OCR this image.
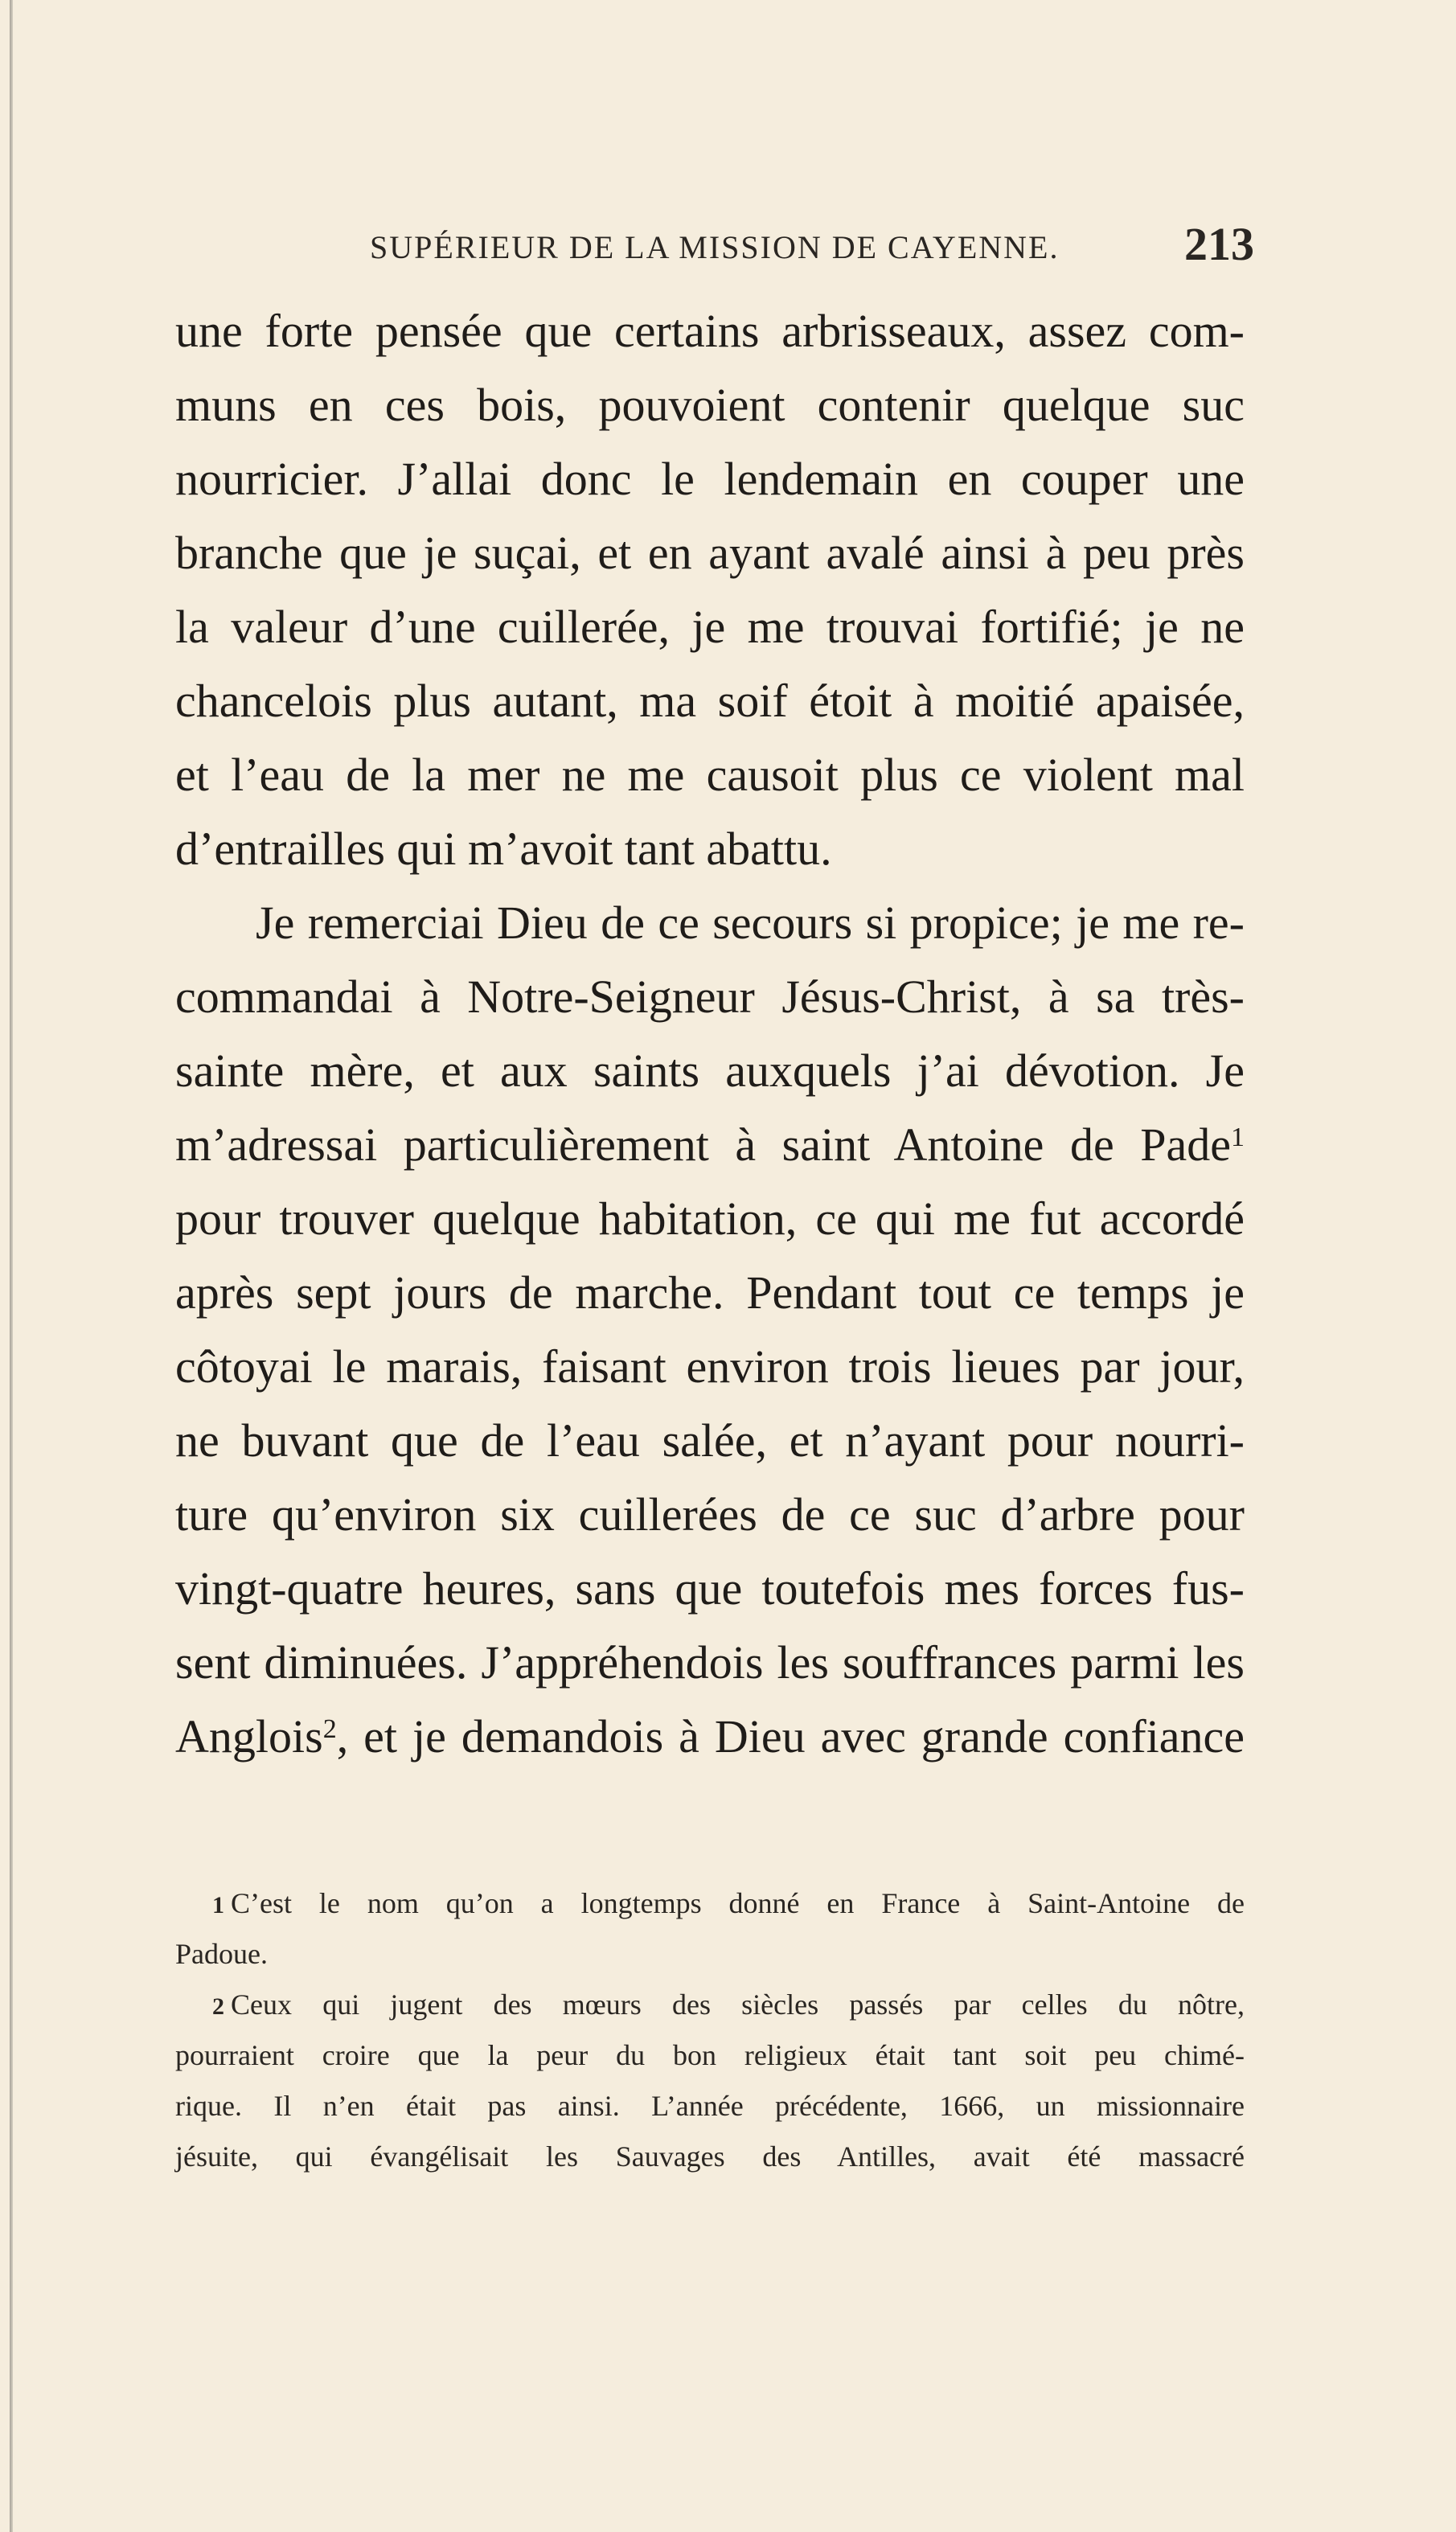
SUPÉRIEUR DE LA MISSION DE CAYENNE.	213
une forte pensée que certains arbrisseaux, assez com-
muns en ces bois, pouvoient contenir quelque suc
nourricier. J’allai donc le lendemain en couper une
branche que je suçai, et en ayant avalé ainsi à peu près
la valeur d’une cuillerée, je me trouvai fortifié; je ne
chancelois plus autant, ma soif étoit à moitié apaisée,
et l’eau de la mer ne me causoit plus ce violent mal
d’entrailles qui m’avoit tant abattu.
Je remerciai Dieu de ce secours si propice; je me re-
commandai à Notre-Seigneur Jésus-Christ, à sa très-
sainte mère, et aux saints auxquels j’ai dévotion. Je
m’adressai particulièrement à saint Antoine de Pade$^1$
pour trouver quelque habitation, ce qui me fut accordé
après sept jours de marche. Pendant tout ce temps je
côtoyai le marais, faisant environ trois lieues par jour,
ne buvant que de l’eau salée, et n’ayant pour nourri-
ture qu’environ six cuillerées de ce suc d’arbre pour
vingt-quatre heures, sans que toutefois mes forces fus-
sent diminuées. J’appréhendois les souffrances parmi les
Anglois$^2$, et je demandois à Dieu avec grande confiance
1 C’est le nom qu’on a longtemps donné en France à Saint-Antoine de
Padoue.
2 Ceux qui jugent des mœurs des siècles passés par celles du nôtre,
pourraient croire que la peur du bon religieux était tant soit peu chimé-
rique. Il n’en était pas ainsi. L’année précédente, 1666, un missionnaire
jésuite, qui évangélisait les Sauvages des Antilles, avait été massacré
